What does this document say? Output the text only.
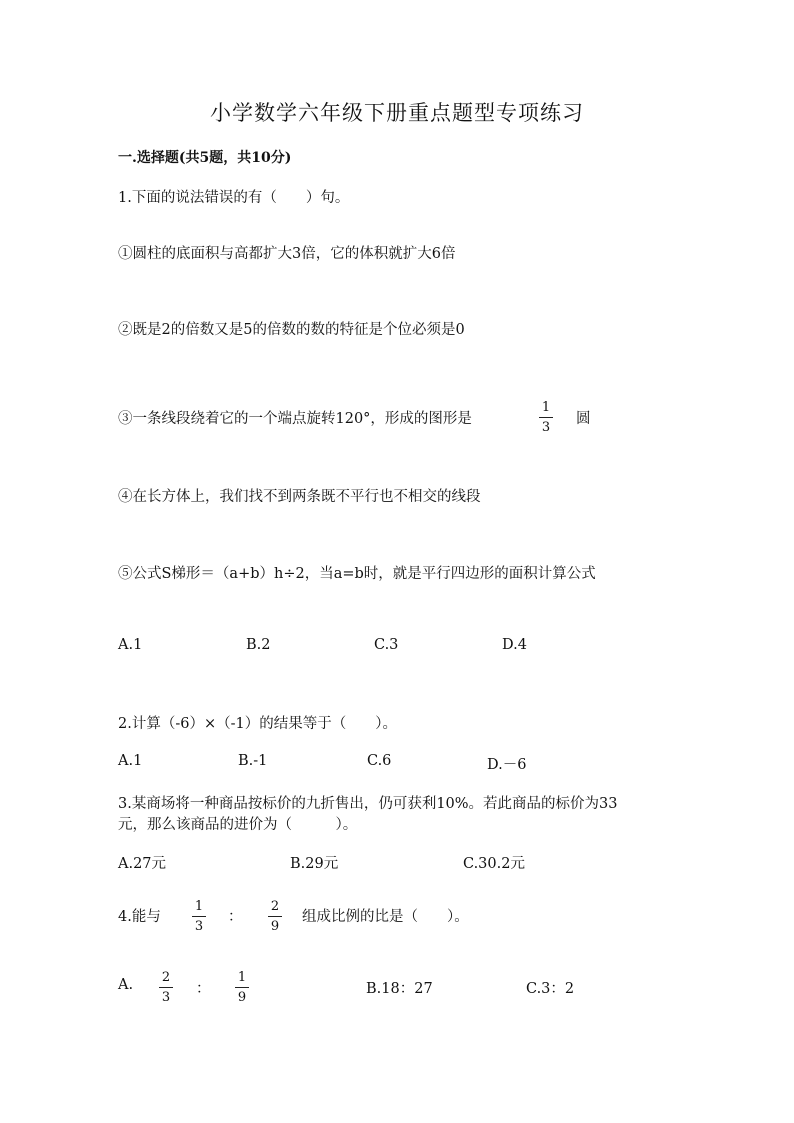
小学数学六年级下册重点题型专项练习
一.选择题(共5题，共10分)
1.下面的说法错误的有（　　）句。
①圆柱的底面积与高都扩大3倍，它的体积就扩大6倍
②既是2的倍数又是5的倍数的数的特征是个位必须是0
③一条线段绕着它的一个端点旋转120°，形成的图形是
1
3
圆
④在长方体上，我们找不到两条既不平行也不相交的线段
⑤公式S梯形＝（a+b）h÷2，当a=b时，就是平行四边形的面积计算公式
A.1	B.2	C.3	D.4
2.计算（-6）×（-1）的结果等于（　　）。
A.1	B.-1	C.6	D.－6
3.某商场将一种商品按标价的九折售出，仍可获利10%。若此商品的标价为33
元，那么该商品的进价为（　　　）。
A.27元	B.29元	C.30.2元
4.能与
1
3
：
2
9
组成比例的比是（　　）。
A. 2
3
：
1
9
B.18：27	C.3：2
